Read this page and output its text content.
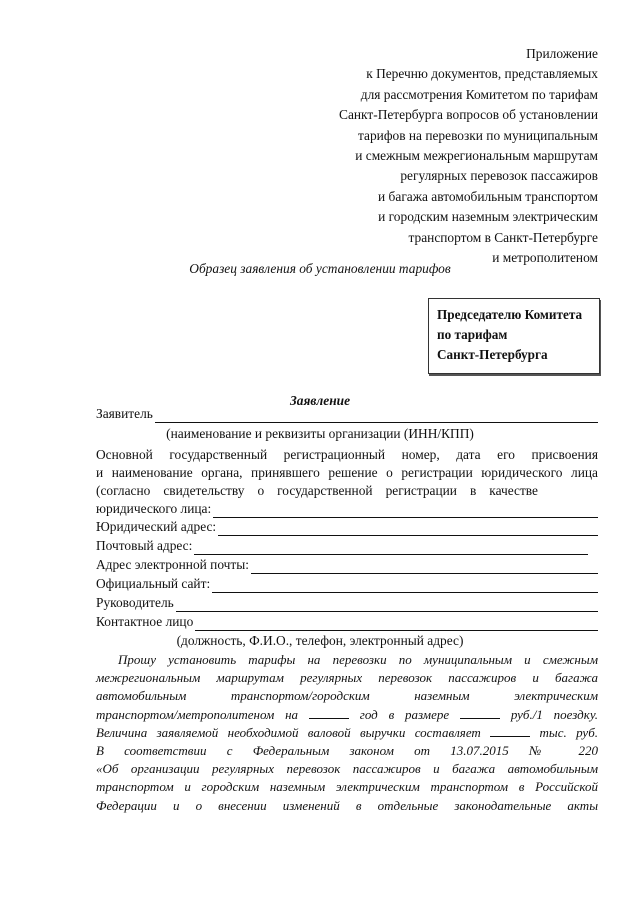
Приложение
к Перечню документов, представляемых
для рассмотрения Комитетом по тарифам
Санкт-Петербурга вопросов об установлении
тарифов на перевозки по муниципальным
и смежным межрегиональным маршрутам
регулярных перевозок пассажиров
и багажа автомобильным транспортом
и городским наземным электрическим
транспортом в Санкт-Петербурге
и метрополитеном
Образец заявления об установлении тарифов
Председателю Комитета
по тарифам
Санкт-Петербурга
Заявление
Заявитель
(наименование и реквизиты организации (ИНН/КПП)
Основной государственный регистрационный номер, дата его присвоения
и наименование органа, принявшего решение о регистрации юридического лица
(согласно свидетельству о государственной регистрации в качестве
юридического лица:
Юридический адрес:
Почтовый адрес:
Адрес электронной почты:
Официальный сайт:
Руководитель
Контактное лицо
(должность, Ф.И.О., телефон, электронный адрес)
Прошу установить тарифы на перевозки по муниципальным и смежным
межрегиональным маршрутам регулярных перевозок пассажиров и багажа
автомобильным транспортом/городским наземным электрическим
транспортом/метрополитеном на	год в размере	руб./1 поездку.
Величина заявляемой необходимой валовой выручки составляет	тыс. руб.
В соответствии с Федеральным законом от 13.07.2015 № 220
«Об организации регулярных перевозок пассажиров и багажа автомобильным
транспортом и городским наземным электрическим транспортом в Российской
Федерации и о внесении изменений в отдельные законодательные акты
